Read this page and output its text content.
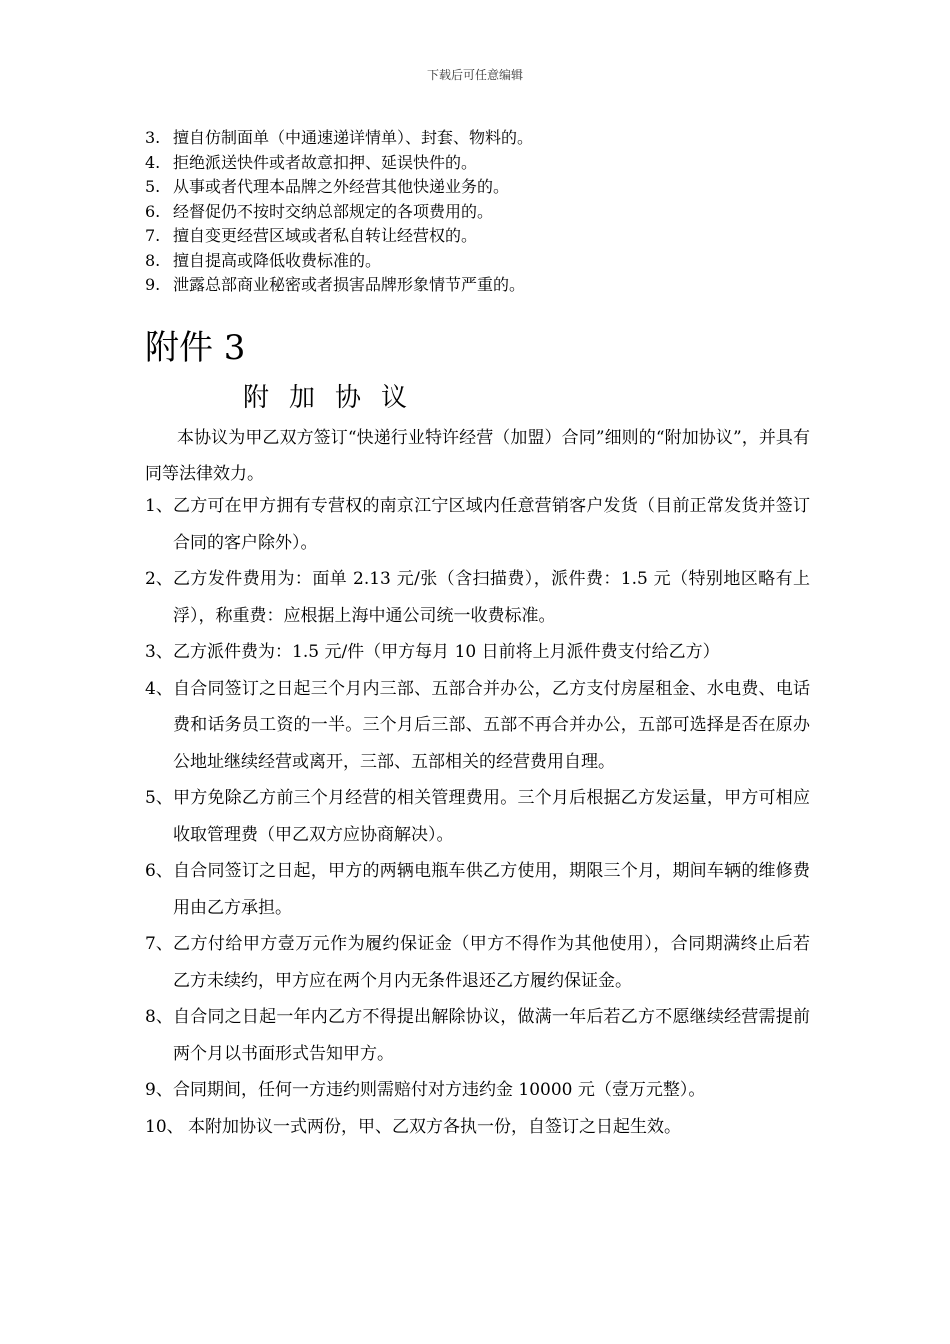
下载后可任意编辑
3. 擅自仿制面单（中通速递详情单）、封套、物料的。
4. 拒绝派送快件或者故意扣押、延误快件的。
5. 从事或者代理本品牌之外经营其他快递业务的。
6. 经督促仍不按时交纳总部规定的各项费用的。
7. 擅自变更经营区域或者私自转让经营权的。
8. 擅自提高或降低收费标准的。
9. 泄露总部商业秘密或者损害品牌形象情节严重的。
附件 3
附加协议

本协议为甲乙双方签订“快递行业特许经营（加盟）合同”细则的“附加协议”，并具有同等法律效力。

1、 乙方可在甲方拥有专营权的南京江宁区域内任意营销客户发货（目前正常发货并签订合同的客户除外）。
2、 乙方发件费用为：面单 2.13 元/张（含扫描费），派件费：1.5 元（特别地区略有上浮），称重费：应根据上海中通公司统一收费标准。
3、 乙方派件费为：1.5 元/件（甲方每月 10 日前将上月派件费支付给乙方）
4、 自合同签订之日起三个月内三部、五部合并办公，乙方支付房屋租金、水电费、电话费和话务员工资的一半。三个月后三部、五部不再合并办公，五部可选择是否在原办公地址继续经营或离开，三部、五部相关的经营费用自理。
5、 甲方免除乙方前三个月经营的相关管理费用。三个月后根据乙方发运量，甲方可相应收取管理费（甲乙双方应协商解决）。
6、 自合同签订之日起，甲方的两辆电瓶车供乙方使用，期限三个月，期间车辆的维修费用由乙方承担。
7、 乙方付给甲方壹万元作为履约保证金（甲方不得作为其他使用），合同期满终止后若乙方未续约，甲方应在两个月内无条件退还乙方履约保证金。
8、 自合同之日起一年内乙方不得提出解除协议，做满一年后若乙方不愿继续经营需提前两个月以书面形式告知甲方。
9、 合同期间，任何一方违约则需赔付对方违约金 10000 元（壹万元整）。
10、 本附加协议一式两份，甲、乙双方各执一份，自签订之日起生效。
